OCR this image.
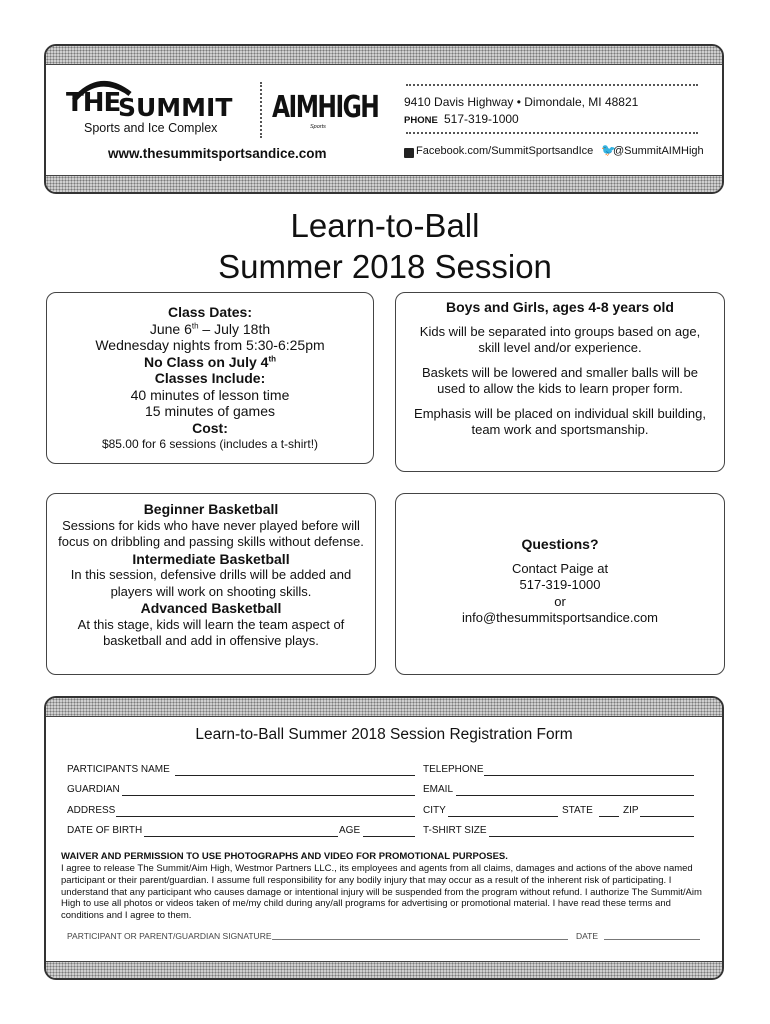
THE
SUMMIT
Sports and Ice Complex
AIMHIGH
Sports
www.thesummitsportsandice.com
9410 Davis Highway • Dimondale, MI 48821
PHONE 517-319-1000
Facebook.com/SummitSportsandIce 🐦
@SummitAIMHigh
Learn-to-Ball
Summer 2018 Session
Class Dates:
June 6th – July 18th
Wednesday nights from 5:30-6:25pm
No Class on July 4th
Classes Include:
40 minutes of lesson time
15 minutes of games
Cost:
$85.00 for 6 sessions (includes a t-shirt!)
Boys and Girls, ages 4-8 years old
Kids will be separated into groups based on age, skill level and/or experience.
Baskets will be lowered and smaller balls will be used to allow the kids to learn proper form.
Emphasis will be placed on individual skill building, team work and sportsmanship.
Beginner Basketball
Sessions for kids who have never played before will focus on dribbling and passing skills without defense.
Intermediate Basketball
In this session, defensive drills will be added and players will work on shooting skills.
Advanced Basketball
At this stage, kids will learn the team aspect of basketball and add in offensive plays.
Questions?
Contact Paige at
517-319-1000
or
info@thesummitsportsandice.com
Learn-to-Ball Summer 2018 Session Registration Form
PARTICIPANTS NAME	TELEPHONE
GUARDIAN	EMAIL
ADDRESS	CITY	STATE	ZIP
DATE OF BIRTH	AGE	T-SHIRT SIZE
WAIVER AND PERMISSION TO USE PHOTOGRAPHS AND VIDEO FOR PROMOTIONAL PURPOSES.
I agree to release The Summit/Aim High, Westmor Partners LLC., its employees and agents from all claims, damages and actions of the above named participant or their parent/guardian. I assume full responsibility for any bodily injury that may occur as a result of the inherent risk of participating. I understand that any participant who causes damage or intentional injury will be suspended from the program without refund. I authorize The Summit/Aim High to use all photos or videos taken of me/my child during any/all programs for advertising or promotional material. I have read these terms and conditions and I agree to them.
PARTICIPANT OR PARENT/GUARDIAN SIGNATURE	DATE
